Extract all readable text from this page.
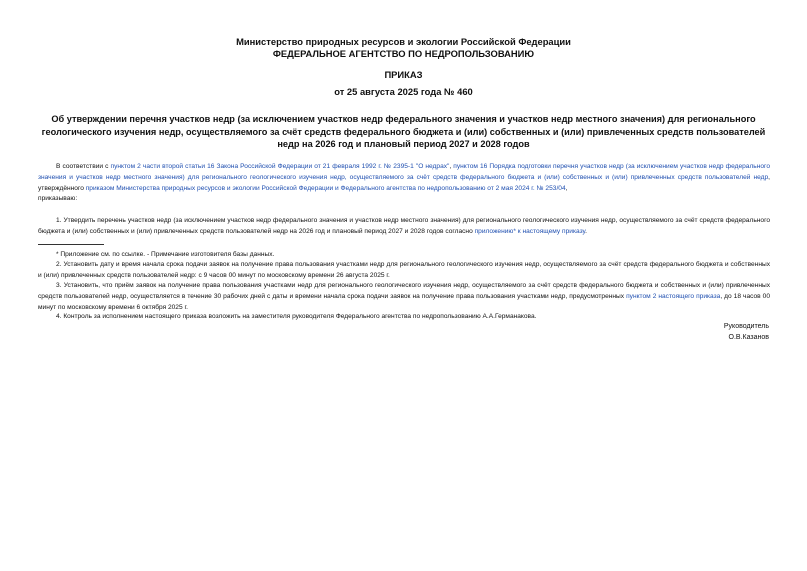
Министерство природных ресурсов и экологии Российской Федерации
ФЕДЕРАЛЬНОЕ АГЕНТСТВО ПО НЕДРОПОЛЬЗОВАНИЮ
ПРИКАЗ
от 25 августа 2025 года № 460
Об утверждении перечня участков недр (за исключением участков недр федерального значения и участков недр местного значения) для регионального геологического изучения недр, осуществляемого за счёт средств федерального бюджета и (или) собственных и (или) привлеченных средств пользователей недр на 2026 год и плановый период 2027 и 2028 годов

В соответствии с пунктом 2 части второй статьи 16 Закона Российской Федерации от 21 февраля 1992 г. № 2395-1 "О недрах", пунктом 16 Порядка подготовки перечня участков недр (за исключением участков недр федерального значения и участков недр местного значения) для регионального геологического изучения недр, осуществляемого за счёт средств федерального бюджета и (или) собственных и (или) привлеченных средств пользователей недр, утверждённого приказом Министерства природных ресурсов и экологии Российской Федерации и Федерального агентства по недропользованию от 2 мая 2024 г. № 253/04,
приказываю:

1. Утвердить перечень участков недр (за исключением участков недр федерального значения и участков недр местного значения) для регионального геологического изучения недр, осуществляемого за счёт средств федерального бюджета и (или) собственных и (или) привлеченных средств пользователей недр на 2026 год и плановый период 2027 и 2028 годов согласно приложению* к настоящему приказу.

* Приложение см. по ссылке. - Примечание изготовителя базы данных.

2. Установить дату и время начала срока подачи заявок на получение права пользования участками недр для регионального геологического изучения недр, осуществляемого за счёт средств федерального бюджета и собственных и (или) привлеченных средств пользователей недр: с 9 часов 00 минут по московскому времени 26 августа 2025 г.

3. Установить, что приём заявок на получение права пользования участками недр для регионального геологического изучения недр, осуществляемого за счёт средств федерального бюджета и собственных и (или) привлеченных средств пользователей недр, осуществляется в течение 30 рабочих дней с даты и времени начала срока подачи заявок на получение права пользования участками недр, предусмотренных пунктом 2 настоящего приказа, до 18 часов 00 минут по московскому времени 6 октября 2025 г.

4. Контроль за исполнением настоящего приказа возложить на заместителя руководителя Федерального агентства по недропользованию А.А.Германакова.

Руководитель
О.В.Казанов
